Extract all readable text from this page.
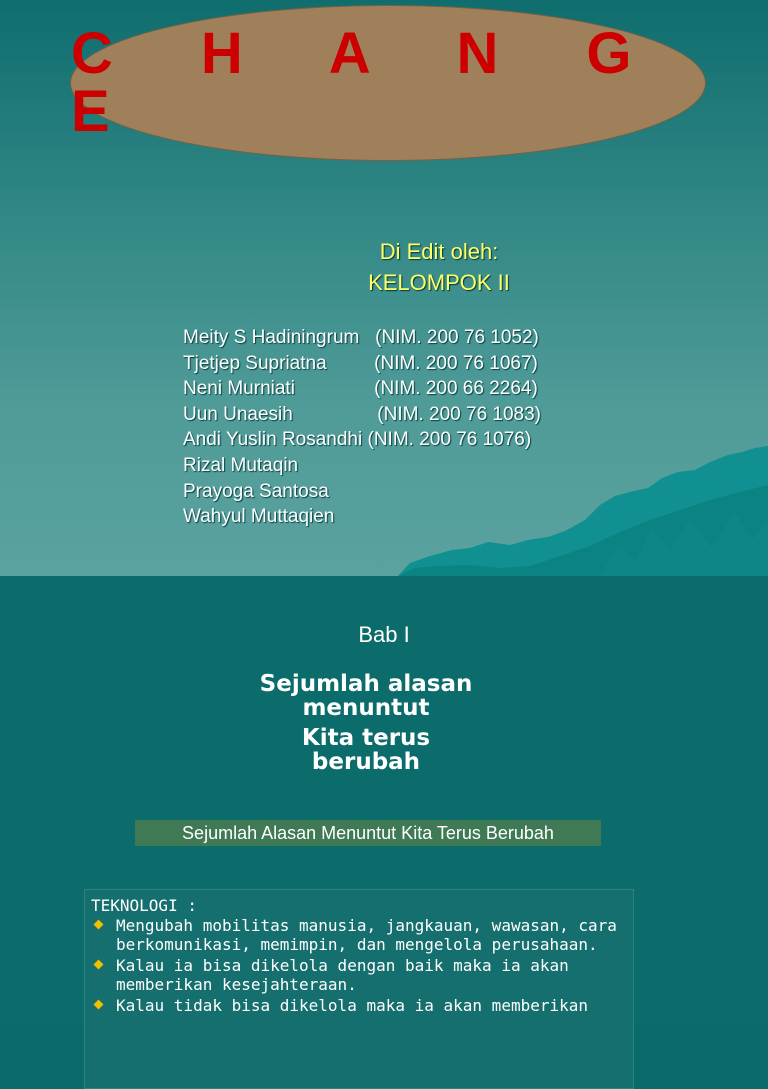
C H A N G E
Di Edit oleh:
KELOMPOK II
Meity S Hadiningrum   (NIM. 200 76 1052)
Tjetjep Supriatna         (NIM. 200 76 1067)
Neni Murniati               (NIM. 200 66 2264)
Uun Unaesih                (NIM. 200 76 1083)
Andi Yuslin Rosandhi (NIM. 200 76 1076)
Rizal Mutaqin
Prayoga Santosa
Wahyul Muttaqien
Bab I
Sejumlah alasan
menuntut
Kita terus
berubah
Sejumlah Alasan Menuntut Kita Terus Berubah
TEKNOLOGI :
Mengubah mobilitas manusia, jangkauan, wawasan, cara berkomunikasi, memimpin, dan mengelola perusahaan.
Kalau ia bisa dikelola dengan baik maka ia akan memberikan kesejahteraan.
Kalau tidak bisa dikelola maka ia akan memberikan
